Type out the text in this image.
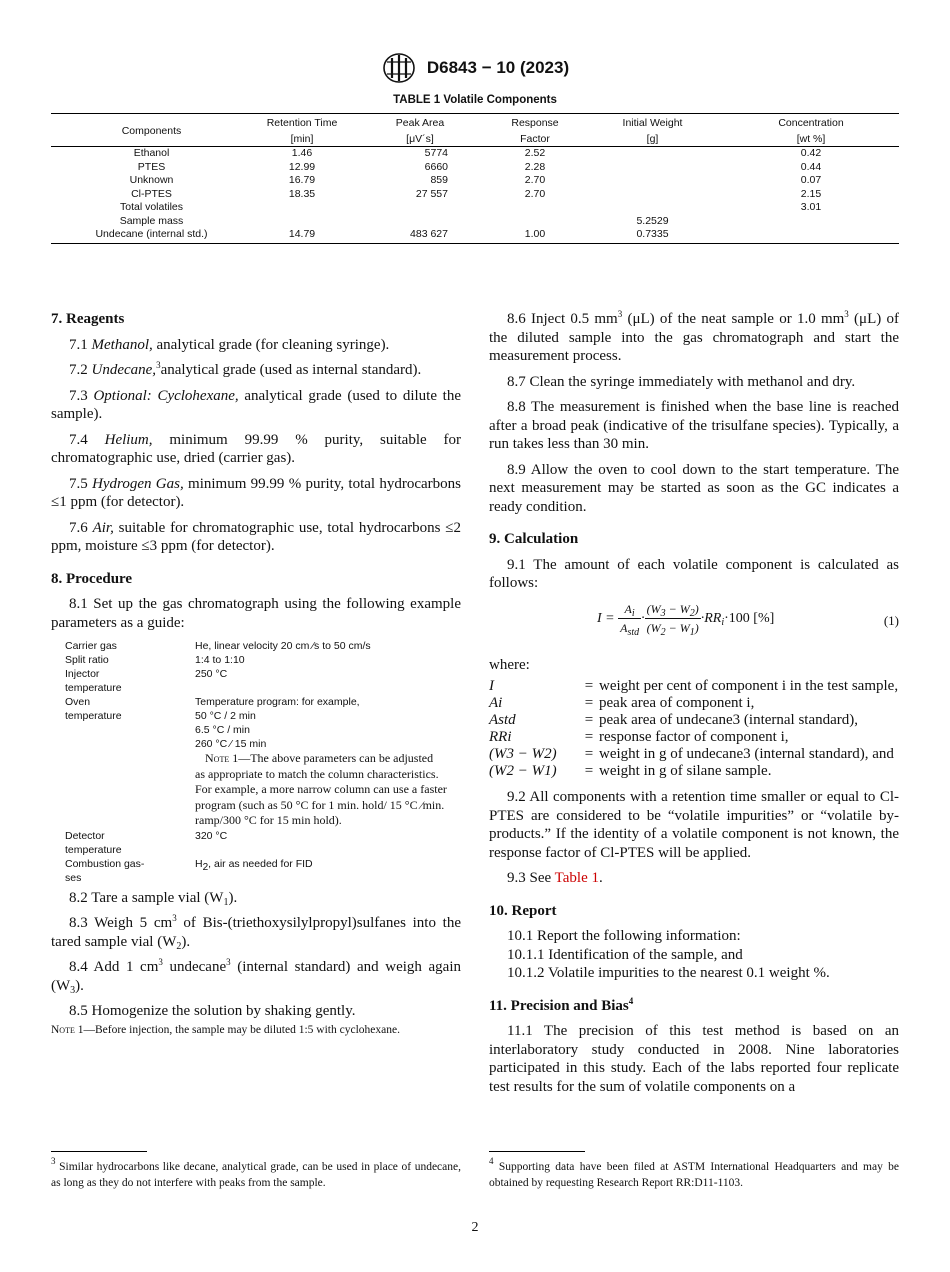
D6843 − 10 (2023)
TABLE 1 Volatile Components
Components	Retention Time	Peak Area	Response	Initial Weight	Concentration
	[min]	[μV´s]	Factor	[g]	[wt %]
Ethanol	1.46	5774	2.52		0.42
PTES	12.99	6660	2.28		0.44
Unknown	16.79	859	2.70		0.07
Cl-PTES	18.35	27 557	2.70		2.15
Total volatiles					3.01
Sample mass				5.2529	
Undecane (internal std.)	14.79	483 627	1.00	0.7335	
7. Reagents

7.1 Methanol, analytical grade (for cleaning syringe).

7.2 Undecane,$^3$analytical grade (used as internal standard).

7.3 Optional: Cyclohexane, analytical grade (used to dilute the sample).

7.4 Helium, minimum 99.99 % purity, suitable for chromatographic use, dried (carrier gas).

7.5 Hydrogen Gas, minimum 99.99 % purity, total hydrocarbons ≤1 ppm (for detector).

7.6 Air, suitable for chromatographic use, total hydrocarbons ≤2 ppm, moisture ≤3 ppm (for detector).

8. Procedure

8.1 Set up the gas chromatograph using the following example parameters as a guide:

Carrier gas	He, linear velocity 20 cm ⁄s to 50 cm/s
Split ratio	1:4 to 1:10
Injector	250 °C
temperature
Oven	Temperature program: for example,
temperature	50 °C / 2 min
6.5 °C / min
260 °C ⁄ 15 min
Note 1—The above parameters can be adjusted
as appropriate to match the column characteristics.
For example, a more narrow column can use a faster
program (such as 50 °C for 1 min. hold/ 15 °C ⁄min.
ramp/300 °C for 15 min hold).
Detector	320 °C
temperature
Combustion gas-	$H_2$, air as needed for FID
ses

8.2 Tare a sample vial $(W_1)$.

8.3 Weigh 5 $cm^3$ of Bis-(triethoxysilylpropyl)sulfanes into the tared sample vial $(W_2)$.

8.4 Add 1 $cm^3$ undecane$^3$ (internal standard) and weigh again $(W_3)$.

8.5 Homogenize the solution by shaking gently.

Note 1—Before injection, the sample may be diluted 1:5 with cyclohexane.

8.6 Inject 0.5 $mm^3$ (μL) of the neat sample or 1.0 $mm^3$ (μL) of the diluted sample into the gas chromatograph and start the measurement process.

8.7 Clean the syringe immediately with methanol and dry.

8.8 The measurement is finished when the base line is reached after a broad peak (indicative of the trisulfane species). Typically, a run takes less than 30 min.

8.9 Allow the oven to cool down to the start temperature. The next measurement may be started as soon as the GC indicates a ready condition.

9. Calculation

9.1 The amount of each volatile component is calculated as follows:

$I = \frac{A_i}{A_{std}} \cdot \frac{(W_3 - W_2)}{(W_2 - W_1)} \cdot RR_i\cdot 100$ [%]	(1)

where:

I	=	weight per cent of component i in the test sample,
Ai	=	peak area of component i,
Astd	=	peak area of undecane3 (internal standard),
RRi	=	response factor of component i,
(W3 − W2)	=	weight in g of undecane3 (internal standard), and
(W2 − W1)	=	weight in g of silane sample.

9.2 All components with a retention time smaller or equal to Cl-PTES are considered to be “volatile impurities” or “volatile by-products.” If the identity of a volatile component is not known, the response factor of Cl-PTES will be applied.

9.3 See Table 1.

10. Report

10.1 Report the following information:

10.1.1 Identification of the sample, and

10.1.2 Volatile impurities to the nearest 0.1 weight %.

11. Precision and Bias$^4$

11.1 The precision of this test method is based on an interlaboratory study conducted in 2008. Nine laboratories participated in this study. Each of the labs reported four replicate test results for the sum of volatile components on a

$^3$ Similar hydrocarbons like decane, analytical grade, can be used in place of undecane, as long as they do not interfere with peaks from the sample.
$^4$ Supporting data have been filed at ASTM International Headquarters and may be obtained by requesting Research Report RR:D11-1103.
2
